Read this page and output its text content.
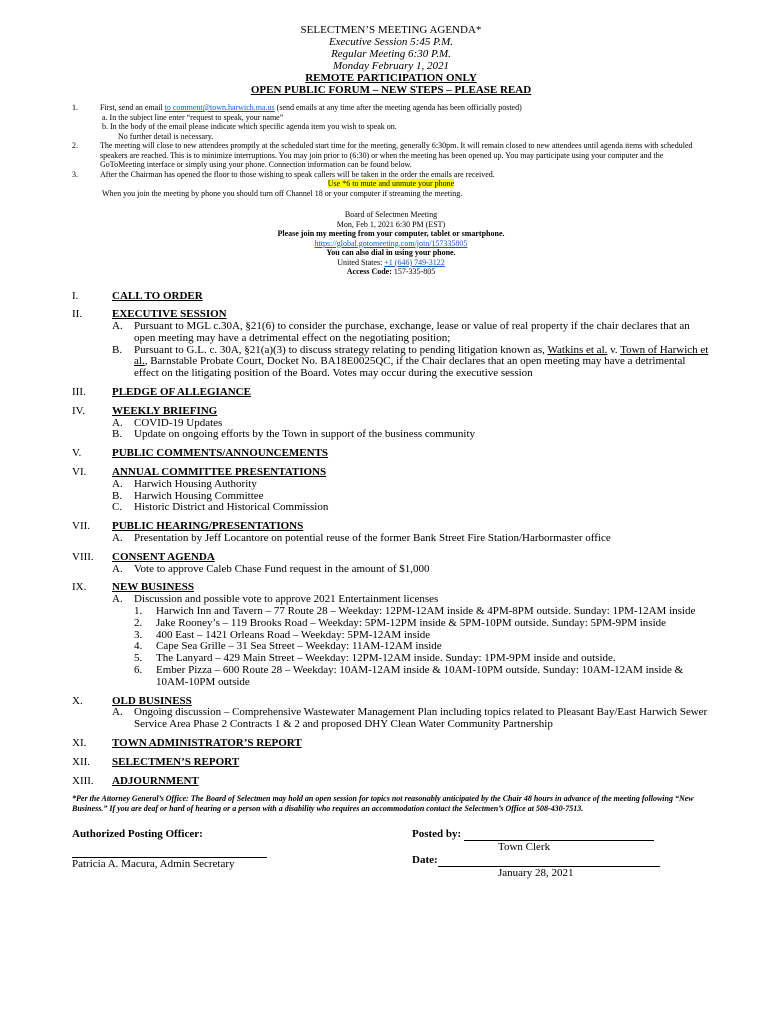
SELECTMEN’S MEETING AGENDA*
Executive Session 5:45 P.M.
Regular Meeting 6:30 P.M.
Monday February 1, 2021
REMOTE PARTICIPATION ONLY
OPEN PUBLIC FORUM – NEW STEPS – PLEASE READ
1.	First, send an email to comment@town.harwich.ma.us (send emails at any time after the meeting agenda has been officially posted)
a. In the subject line enter “request to speak, your name”
b. In the body of the email please indicate which specific agenda item you wish to speak on.
No further detail is necessary.
2.	The meeting will close to new attendees promptly at the scheduled start time for the meeting, generally 6:30pm. It will remain closed to new attendees until agenda items with scheduled speakers are reached. This is to minimize interruptions. You may join prior to (6:30) or when the meeting has been opened up. You may participate using your computer and the GoToMeeting interface or simply using your phone. Connection information can be found below.
3.	After the Chairman has opened the floor to those wishing to speak callers will be taken in the order the emails are received.
Use *6 to mute and unmute your phone
When you join the meeting by phone you should turn off Channel 18 or your computer if streaming the meeting.
Board of Selectmen Meeting
Mon, Feb 1, 2021 6:30 PM (EST)
Please join my meeting from your computer, tablet or smartphone.
https://global.gotomeeting.com/join/157335805
You can also dial in using your phone.
United States: +1 (646) 749-3122
Access Code: 157-335-805
I.	CALL TO ORDER
II.	EXECUTIVE SESSION
A.	Pursuant to MGL c.30A, §21(6) to consider the purchase, exchange, lease or value of real property if the chair declares that an open meeting may have a detrimental effect on the negotiating position;
B.	Pursuant to G.L. c. 30A, §21(a)(3) to discuss strategy relating to pending litigation known as, Watkins et al. v. Town of Harwich et al., Barnstable Probate Court, Docket No. BA18E0025QC, if the Chair declares that an open meeting may have a detrimental effect on the litigating position of the Board. Votes may occur during the executive session
III.	PLEDGE OF ALLEGIANCE
IV.	WEEKLY BRIEFING
A.	COVID-19 Updates
B.	Update on ongoing efforts by the Town in support of the business community
V.	PUBLIC COMMENTS/ANNOUNCEMENTS
VI.	ANNUAL COMMITTEE PRESENTATIONS
A.	Harwich Housing Authority
B.	Harwich Housing Committee
C.	Historic District and Historical Commission
VII.	PUBLIC HEARING/PRESENTATIONS
A.	Presentation by Jeff Locantore on potential reuse of the former Bank Street Fire Station/Harbormaster office
VIII.	CONSENT AGENDA
A.	Vote to approve Caleb Chase Fund request in the amount of $1,000
IX.	NEW BUSINESS
A.	Discussion and possible vote to approve 2021 Entertainment licenses
1.	Harwich Inn and Tavern – 77 Route 28 – Weekday: 12PM-12AM inside & 4PM-8PM outside. Sunday: 1PM-12AM inside
2.	Jake Rooney’s – 119 Brooks Road – Weekday: 5PM-12PM inside & 5PM-10PM outside. Sunday: 5PM-9PM inside
3.	400 East – 1421 Orleans Road – Weekday: 5PM-12AM inside
4.	Cape Sea Grille – 31 Sea Street – Weekday: 11AM-12AM inside
5.	The Lanyard – 429 Main Street – Weekday: 12PM-12AM inside. Sunday: 1PM-9PM inside and outside.
6.	Ember Pizza – 600 Route 28 – Weekday: 10AM-12AM inside & 10AM-10PM outside. Sunday: 10AM-12AM inside & 10AM-10PM outside
X.	OLD BUSINESS
A.	Ongoing discussion – Comprehensive Wastewater Management Plan including topics related to Pleasant Bay/East Harwich Sewer Service Area Phase 2 Contracts 1 & 2 and proposed DHY Clean Water Community Partnership
XI.	TOWN ADMINISTRATOR’S REPORT
XII.	SELECTMEN’S REPORT
XIII.	ADJOURNMENT
*Per the Attorney General’s Office: The Board of Selectmen may hold an open session for topics not reasonably anticipated by the Chair 48 hours in advance of the meeting following “New Business.” If you are deaf or hard of hearing or a person with a disability who requires an accommodation contact the Selectmen’s Office at 508-430-7513.
Authorized Posting Officer:
Patricia A. Macura, Admin Secretary
Posted by:
Town Clerk
Date:
January 28, 2021
